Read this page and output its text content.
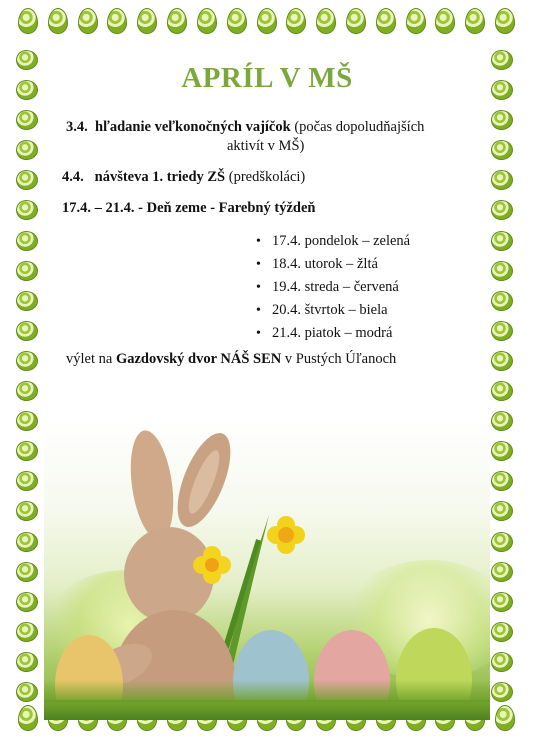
APRÍL V MŠ
3.4. hľadanie veľkonočných vajíčok (počas dopoludňajších
aktivít v MŠ)
4.4. návšteva 1. triedy ZŠ (predškoláci)
17.4. – 21.4. - Deň zeme - Farebný týždeň
• 17.4. pondelok – zelená
• 18.4. utorok – žltá
• 19.4. streda – červená
• 20.4. štvrtok – biela
• 21.4. piatok – modrá
výlet na Gazdovský dvor NÁŠ SEN v Pustých Úľanoch
